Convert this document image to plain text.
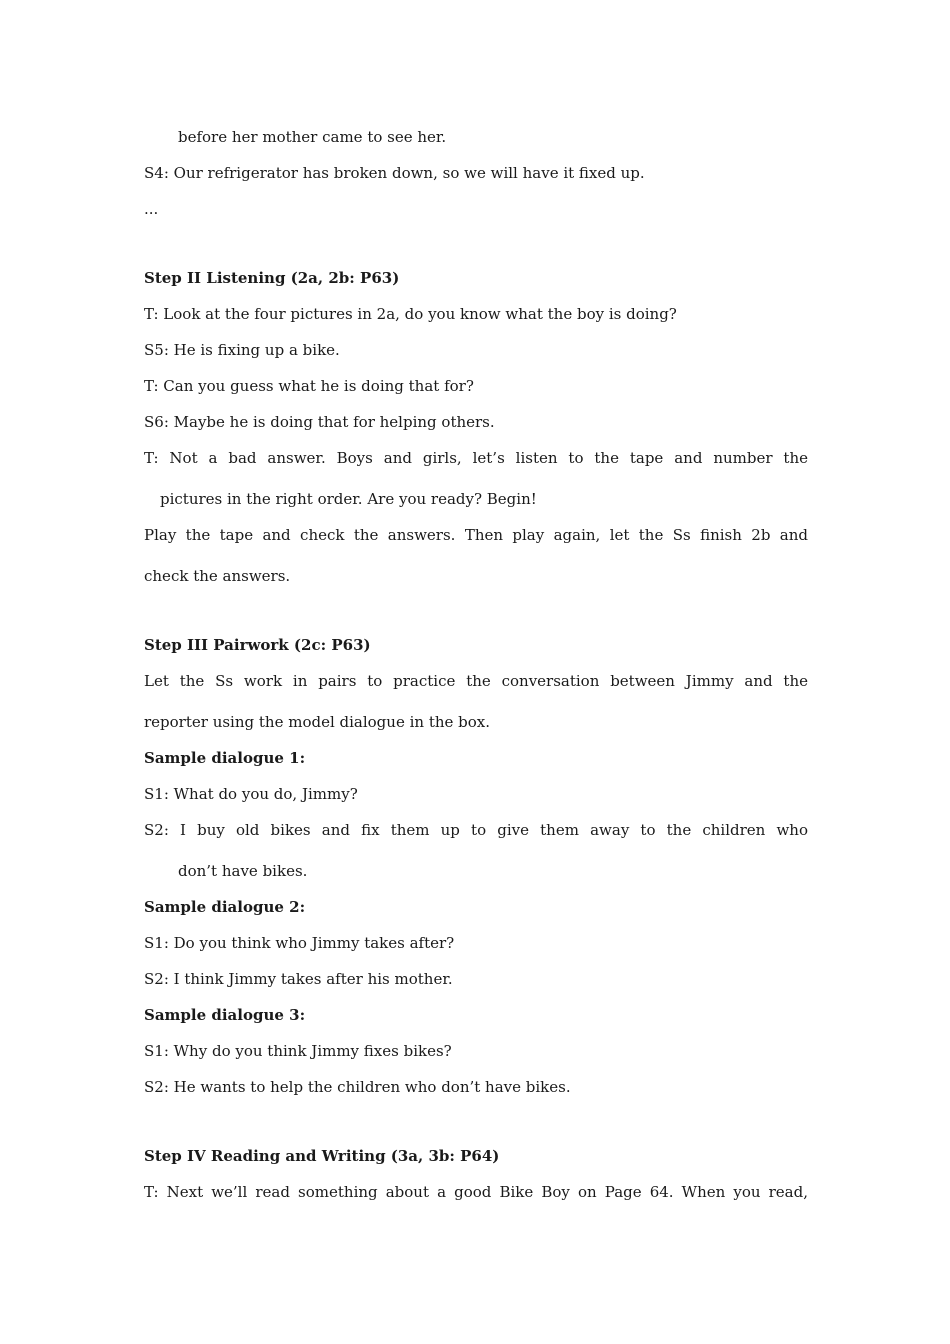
before her mother came to see her.
S4: Our refrigerator has broken down, so we will have it fixed up.
...
Step II Listening (2a, 2b: P63)
T: Look at the four pictures in 2a, do you know what the boy is doing?
S5: He is fixing up a bike.
T: Can you guess what he is doing that for?
S6: Maybe he is doing that for helping others.
T: Not a bad answer. Boys and girls, let’s listen to the tape and number the
pictures in the right order. Are you ready? Begin!
Play the tape and check the answers. Then play again, let the Ss finish 2b and
check the answers.
Step III Pairwork (2c: P63)
Let the Ss work in pairs to practice the conversation between Jimmy and the
reporter using the model dialogue in the box.
Sample dialogue 1:
S1: What do you do, Jimmy?
S2: I buy old bikes and fix them up to give them away to the children who
don’t have bikes.
Sample dialogue 2:
S1: Do you think who Jimmy takes after?
S2: I think Jimmy takes after his mother.
Sample dialogue 3:
S1: Why do you think Jimmy fixes bikes?
S2: He wants to help the children who don’t have bikes.
Step IV Reading and Writing (3a, 3b: P64)
T: Next we’ll read something about a good Bike Boy on Page 64. When you read,
